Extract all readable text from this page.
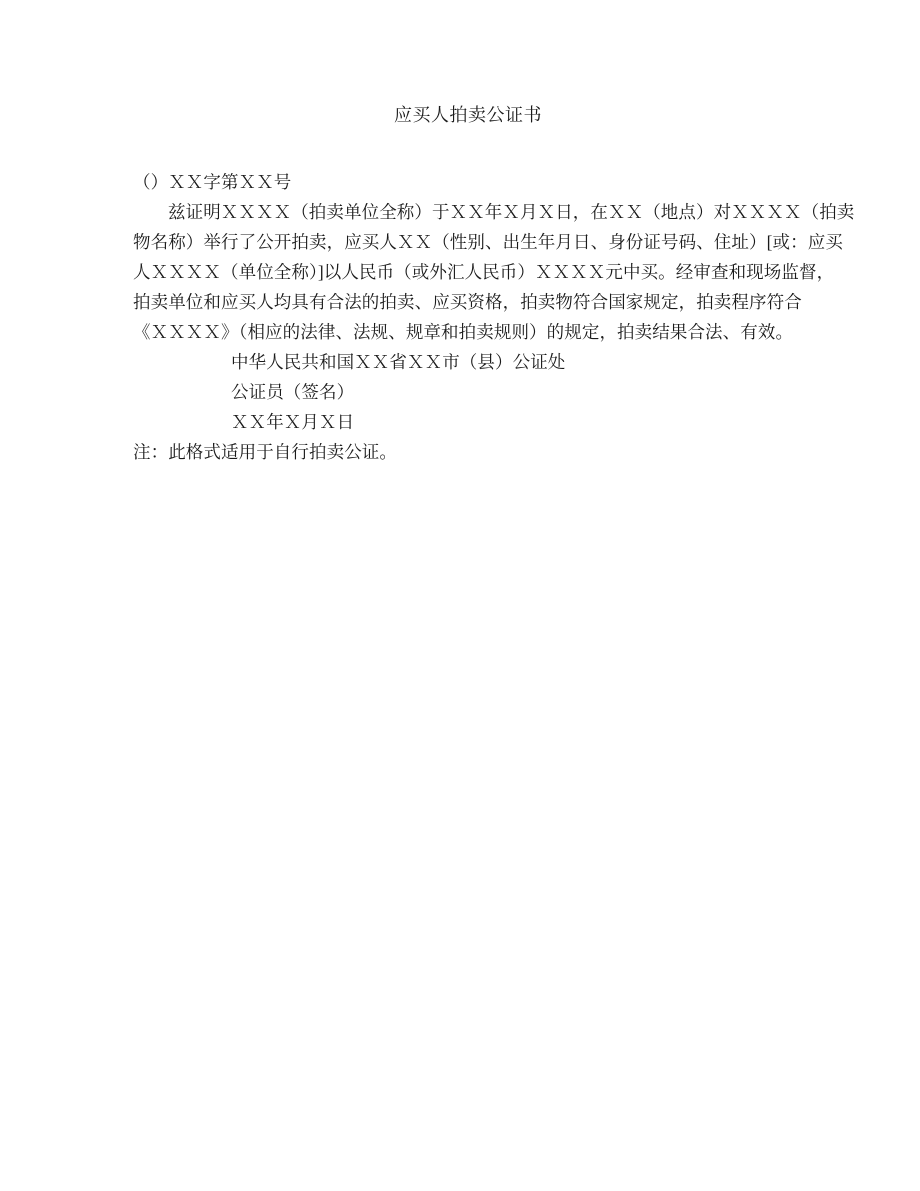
应买人拍卖公证书
（）ＸＸ字第ＸＸ号
兹证明ＸＸＸＸ（拍卖单位全称）于ＸＸ年Ｘ月Ｘ日，在ＸＸ（地点）对ＸＸＸＸ（拍卖
物名称）举行了公开拍卖，应买人ＸＸ（性别、出生年月日、身份证号码、住址）[或：应买
人ＸＸＸＸ（单位全称）]以人民币（或外汇人民币）ＸＸＸＸ元中买。经审查和现场监督，
拍卖单位和应买人均具有合法的拍卖、应买资格，拍卖物符合国家规定，拍卖程序符合
《ＸＸＸＸ》（相应的法律、法规、规章和拍卖规则）的规定，拍卖结果合法、有效。
中华人民共和国ＸＸ省ＸＸ市（县）公证处
公证员（签名）
ＸＸ年Ｘ月Ｘ日
注：此格式适用于自行拍卖公证。
